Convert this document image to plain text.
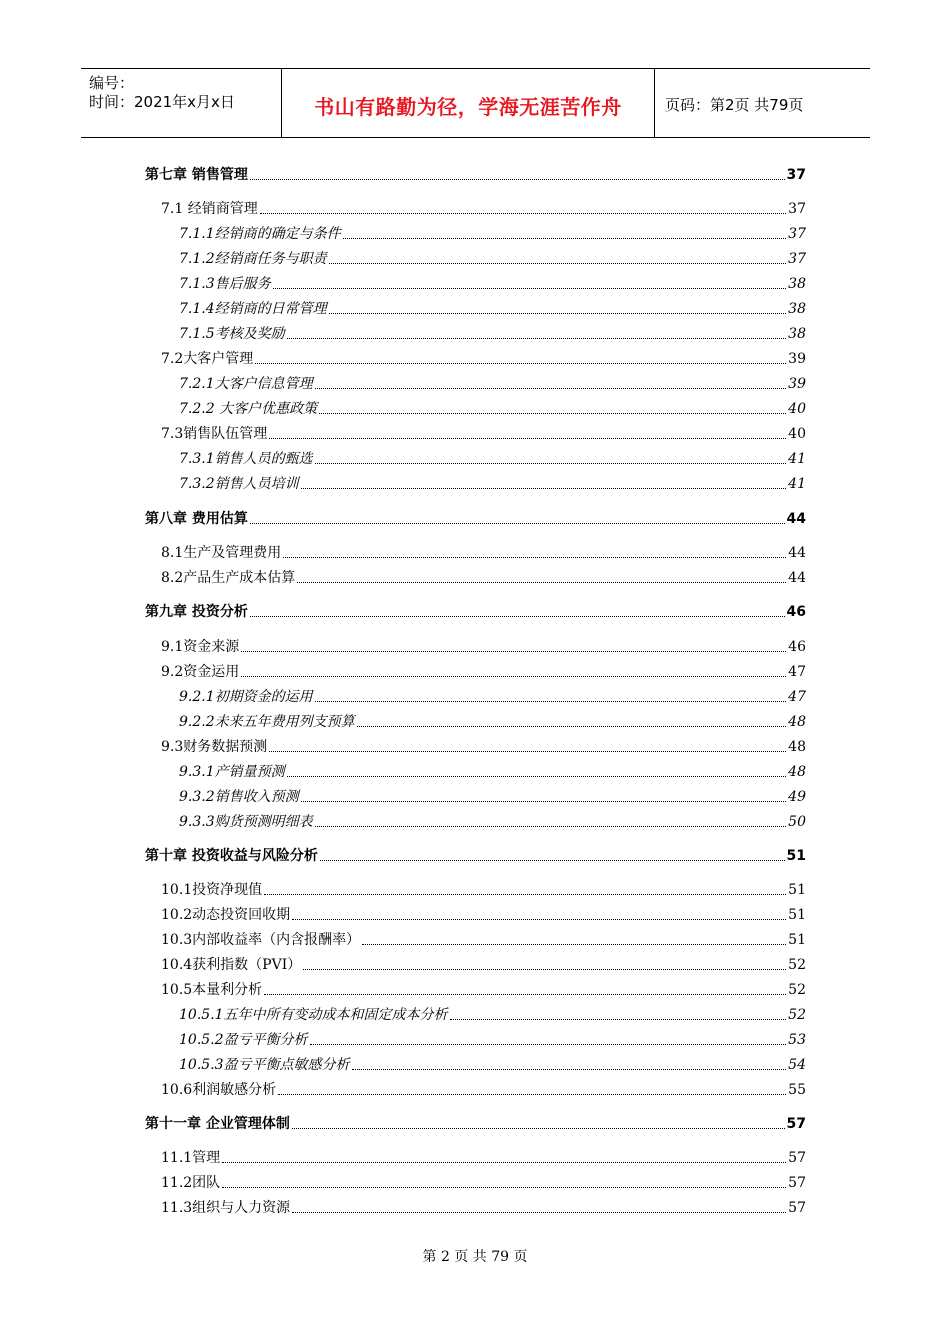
编号：
时间：2021年x月x日	书山有路勤为径，学海无涯苦作舟	页码：第2页 共79页
第七章 销售管理	37
7.1 经销商管理	37
7.1.1经销商的确定与条件	37
7.1.2经销商任务与职责	37
7.1.3售后服务	38
7.1.4经销商的日常管理	38
7.1.5考核及奖励	38
7.2大客户管理	39
7.2.1大客户信息管理	39
7.2.2 大客户优惠政策	40
7.3销售队伍管理	40
7.3.1销售人员的甄选	41
7.3.2销售人员培训	41
第八章 费用估算	44
8.1生产及管理费用	44
8.2产品生产成本估算	44
第九章 投资分析	46
9.1资金来源	46
9.2资金运用	47
9.2.1初期资金的运用	47
9.2.2未来五年费用列支预算	48
9.3财务数据预测	48
9.3.1产销量预测	48
9.3.2销售收入预测	49
9.3.3购货预测明细表	50
第十章 投资收益与风险分析	51
10.1投资净现值	51
10.2动态投资回收期	51
10.3内部收益率（内含报酬率）	51
10.4获利指数（PVI）	52
10.5本量利分析	52
10.5.1五年中所有变动成本和固定成本分析	52
10.5.2盈亏平衡分析	53
10.5.3盈亏平衡点敏感分析	54
10.6利润敏感分析	55
第十一章 企业管理体制	57
11.1管理	57
11.2团队	57
11.3组织与人力资源	57
第 2 页 共 79 页
